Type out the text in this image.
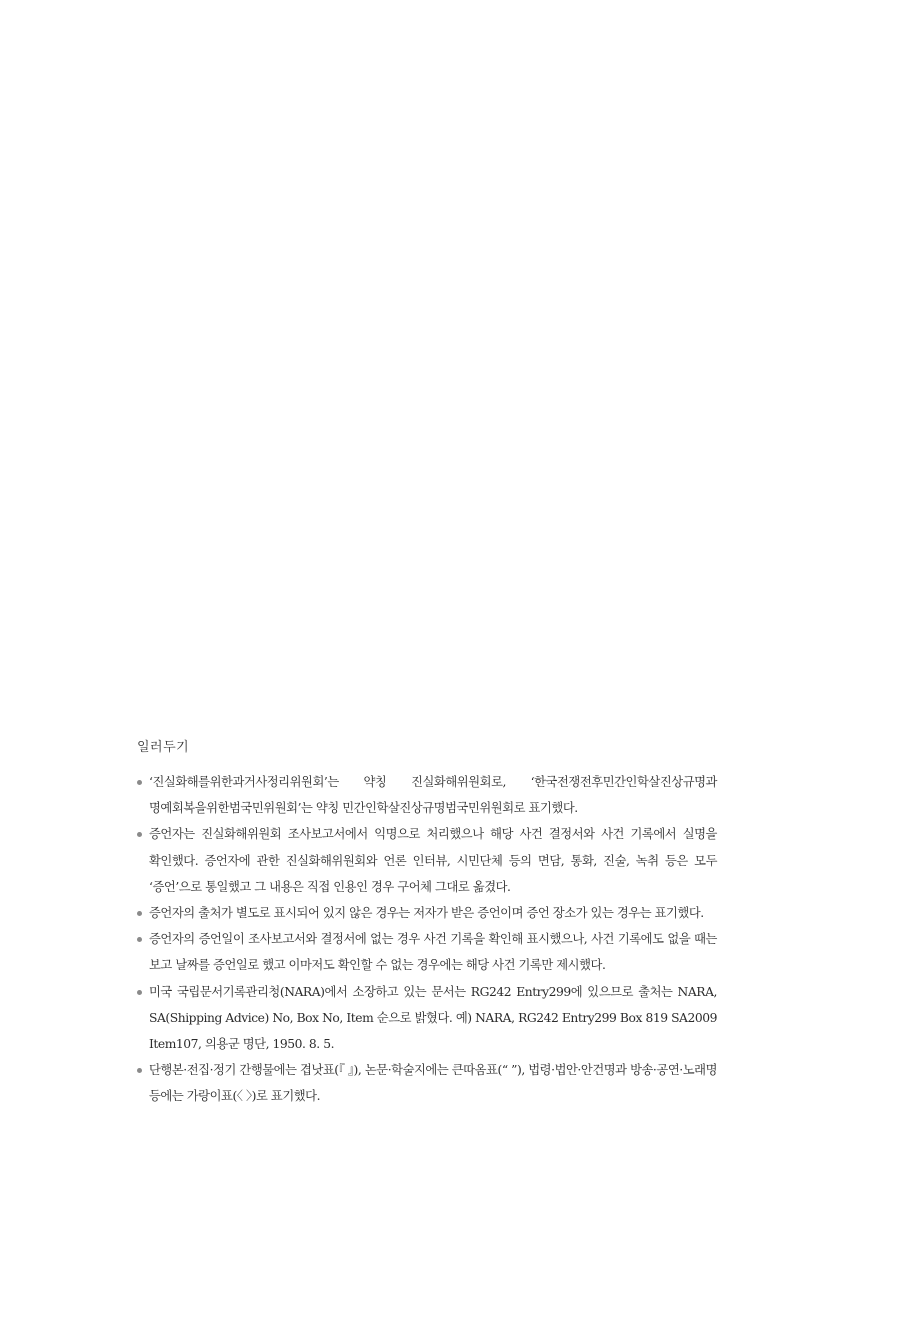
일러두기
‘진실화해를위한과거사정리위원회’는 약칭 진실화해위원회로, ‘한국전쟁전후민간인학살진상규명과 명예회복을위한범국민위원회’는 약칭 민간인학살진상규명범국민위원회로 표기했다.
증언자는 진실화해위원회 조사보고서에서 익명으로 처리했으나 해당 사건 결정서와 사건 기록에서 실명을 확인했다. 증언자에 관한 진실화해위원회와 언론 인터뷰, 시민단체 등의 면담, 통화, 진술, 녹취 등은 모두 ‘증언’으로 통일했고 그 내용은 직접 인용인 경우 구어체 그대로 옮겼다.
증언자의 출처가 별도로 표시되어 있지 않은 경우는 저자가 받은 증언이며 증언 장소가 있는 경우는 표기했다.
증언자의 증언일이 조사보고서와 결정서에 없는 경우 사건 기록을 확인해 표시했으나, 사건 기록에도 없을 때는 보고 날짜를 증언일로 했고 이마저도 확인할 수 없는 경우에는 해당 사건 기록만 제시했다.
미국 국립문서기록관리청(NARA)에서 소장하고 있는 문서는 RG242 Entry299에 있으므로 출처는 NARA, SA(Shipping Advice) No, Box No, Item 순으로 밝혔다. 예) NARA, RG242 Entry299 Box 819 SA2009 Item107, 의용군 명단, 1950. 8. 5.
단행본·전집·정기 간행물에는 겹낫표(『 』), 논문·학술지에는 큰따옴표(“ ”), 법령·법안·안건명과 방송·공연·노래명 등에는 가랑이표(〈 〉)로 표기했다.
